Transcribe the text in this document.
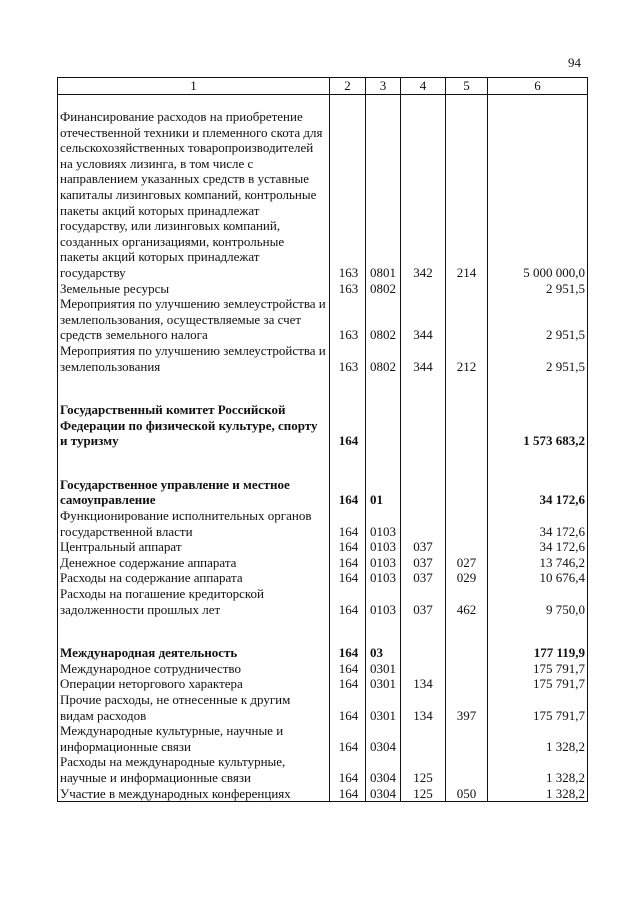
94
1	2	3	4	5	6
Финансирование расходов на приобретение отечественной техники и племенного скота для сельскохозяйственных товаропроизводителей на условиях лизинга, в том числе с направлением указанных средств в уставные капиталы лизинговых компаний, контрольные пакеты акций которых принадлежат государству, или лизинговых компаний, созданных организациями, контрольные пакеты акций которых принадлежат государству	163	0801	342	214	5 000 000,0
Земельные ресурсы	163	0802			2 951,5
Мероприятия по улучшению землеустройства и землепользования, осуществляемые за счет средств земельного налога	163	0802	344		2 951,5
Мероприятия по улучшению землеустройства и землепользования	163	0802	344	212	2 951,5
Государственный комитет Российской Федерации по физической культуре, спорту и туризму	164				1 573 683,2
Государственное управление и местное самоуправление	164	01			34 172,6
Функционирование исполнительных органов государственной власти	164	0103			34 172,6
Центральный аппарат	164	0103	037		34 172,6
Денежное содержание аппарата	164	0103	037	027	13 746,2
Расходы на содержание аппарата	164	0103	037	029	10 676,4
Расходы на погашение кредиторской задолженности прошлых лет	164	0103	037	462	9 750,0
Международная деятельность	164	03			177 119,9
Международное сотрудничество	164	0301			175 791,7
Операции неторгового характера	164	0301	134		175 791,7
Прочие расходы, не отнесенные к другим видам расходов	164	0301	134	397	175 791,7
Международные культурные, научные и информационные связи	164	0304			1 328,2
Расходы на международные культурные, научные и информационные связи	164	0304	125		1 328,2
Участие в международных конференциях	164	0304	125	050	1 328,2
